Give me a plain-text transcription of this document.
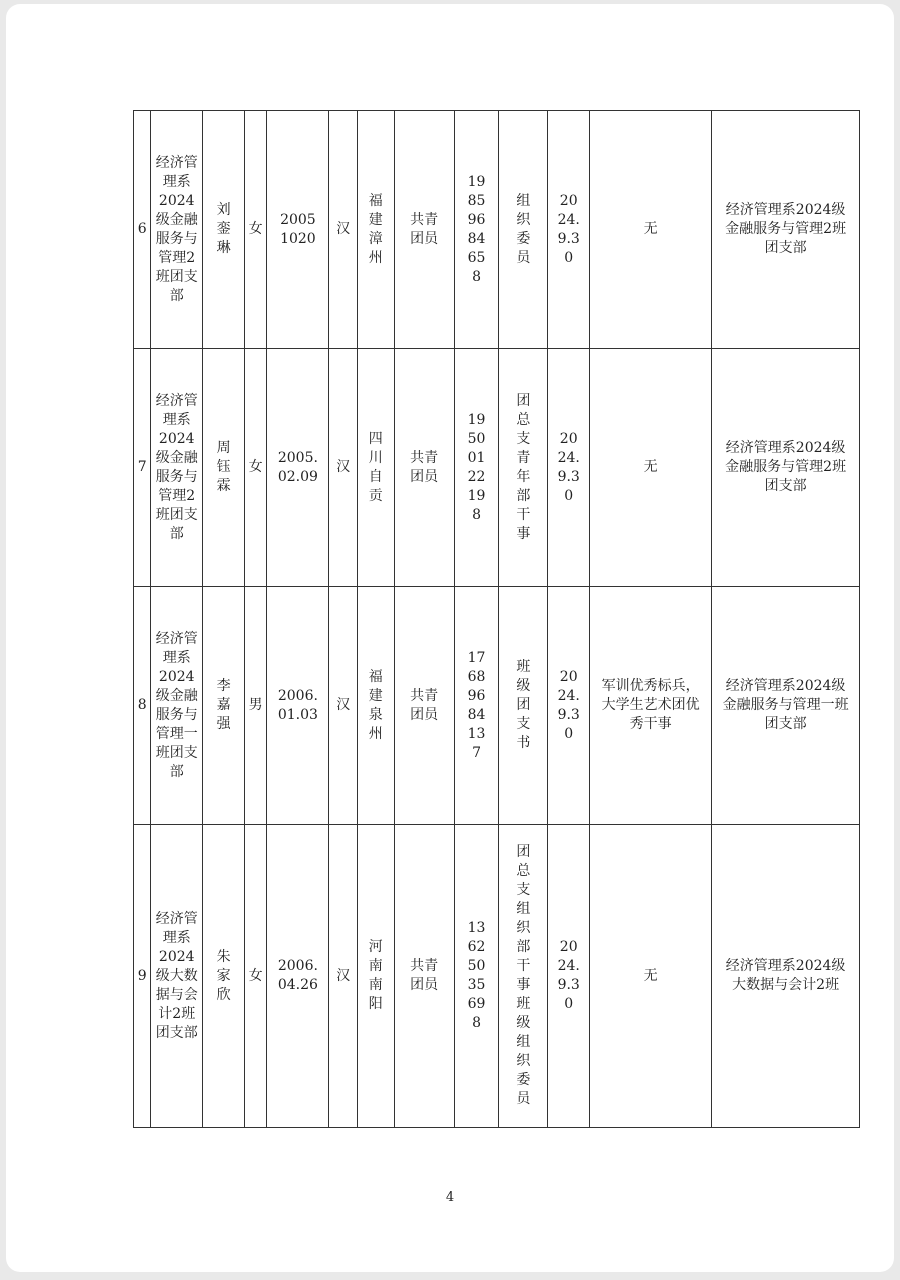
6	经济管理系2024级金融服务与管理2班团支部	刘銮琳	女	20051020	汉	福建漳州	共青团员	19859684658	组织委员	2024.9.30	无	经济管理系2024级金融服务与管理2班团支部

7	经济管理系2024级金融服务与管理2班团支部	周钰霖	女	2005.02.09	汉	四川自贡	共青团员	19500122198	团总支青年部干事	2024.9.30	无	经济管理系2024级金融服务与管理2班团支部

8	经济管理系2024级金融服务与管理一班团支部	李嘉强	男	2006.01.03	汉	福建泉州	共青团员	17689684137	班级团支书	2024.9.30	军训优秀标兵，大学生艺术团优秀干事	经济管理系2024级金融服务与管理一班团支部

9	经济管理系2024级大数据与会计2班团支部	朱家欣	女	2006.04.26	汉	河南南阳	共青团员	13625035698	团总支组织部干事班级组织委员	2024.9.30	无	经济管理系2024级大数据与会计2班
4
